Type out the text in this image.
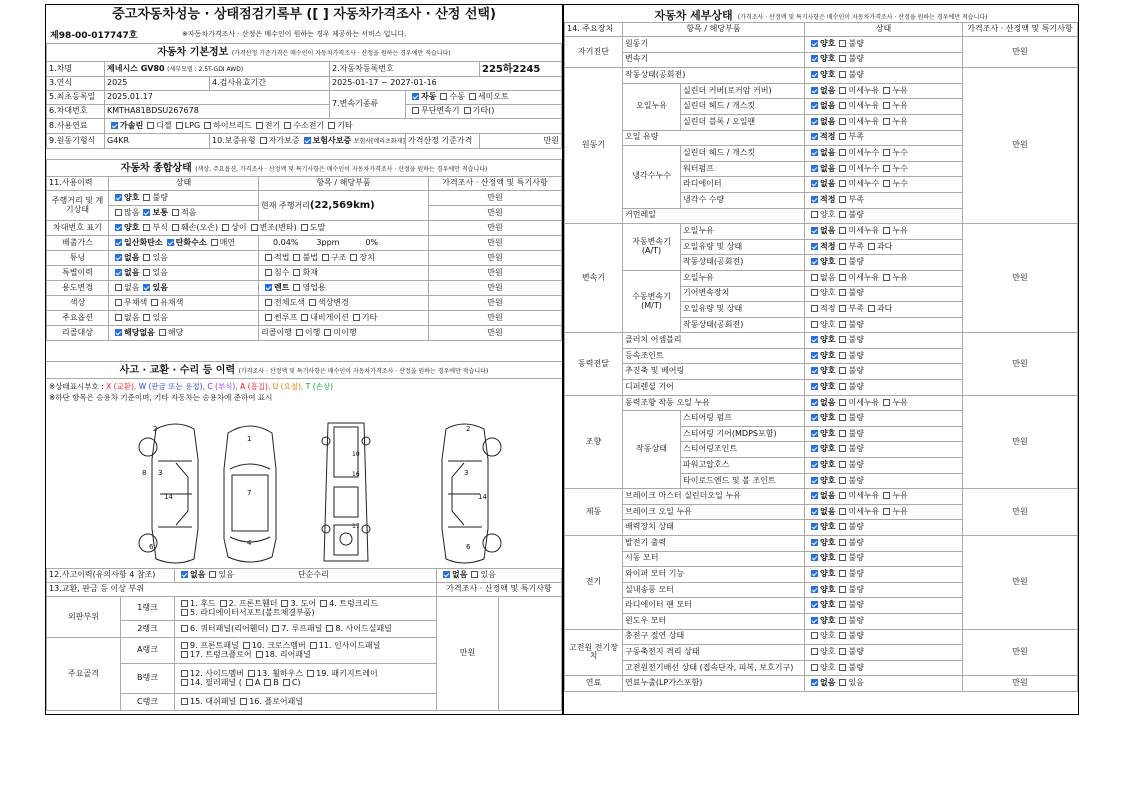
중고자동차성능 · 상태점검기록부 ([ ] 자동차가격조사 · 산정 선택)
제98-00-017747호	※자동차가격조사 · 산정은 매수인이 원하는 경우 제공하는 서비스 입니다.
자동차 기본정보 (가격산정 기준가격은 매수인이 자동차가격조사 · 산정을 원하는 경우에만 적습니다)					
1.차명	제네시스 GV80 (세부모델 : 2.5T-GDI AWD)		2.자동차등록번호		225하2245
3.연식	2025	4.검사유효기간	2025-01-17 ~ 2027-01-16		
5.최초등록일	2025.01.17		7.변속기종류	자동 수동 세미오토	
6.차대번호	KMTHA81BDSU267678			무단변속기 기타()	
8.사용연료	가솔린 디젤 LPG 하이브리드 전기 수소전기 기타				
9.원동기형식	G4KR	10.보증유형 자가보증 보험사보증 보험사[메리츠화재]		가격산정 기준가격	만원
자동차 종합상태 (색상, 주요옵션, 가격조사 · 산정액 및 특기사항은 매수인이 자동차가격조사 · 산정을 원하는 경우에만 적습니다)			
11.사용이력	상태	항목 / 해당부품	가격조사 · 산정액 및 특기사항
주행거리 및 계기상태	양호 불량	현재 주행거리(22,569km)	만원
	많음 보통 적음		만원
차대번호 표기	양호 부식 훼손(오손) 상이 변조(변타) 도말		만원
배출가스	일산화탄소 탄화수소 매연	0.04% 3ppm 0%	만원
튜닝	없음 있음	적법 불법 구조 장치	만원
특별이력	없음 있음	침수 화재	만원
용도변경	없음 있음	렌트 영업용	만원
색상	무채색 유채색	전체도색 색상변경	만원
주요옵션	없음 있음	썬루프 내비게이션 기타	만원
리콜대상	해당없음 해당	리콜이행 이행 미이행	만원
사고 · 교환 · 수리 등 이력 (가격조사 · 산정액 및 특기사항은 매수인이 자동차가격조사 · 산정을 원하는 경우에만 적습니다)
※상태표시부호 : X (교환), W (판금 또는 용접), C (부식), A (흠집), U (요철), T (손상)
※하단 항목은 승용차 기준이며, 기타 자동차는 승용차에 준하여 표시
2
8 3
14
6
1
7
4
10
16
17
2
3
14
6
12.사고이력(유의사항 4 참조)		없음 있음 단순수리	없음 있음	
13.교환, 판금 등 이상 부위			가격조사 · 산정액 및 특기사항	
외판부위	1랭크	1. 후드 2. 프론트휀더 3. 도어 4. 트렁크리드
5. 라디에이터서포트(볼트체결부품)	만원	
	2랭크	6. 쿼터패널(리어휀더) 7. 루프패널 8. 사이드실패널		
주요골격	A랭크	9. 프론트패널 10. 크로스멤버 11. 인사이드패널
17. 트렁크플로어 18. 리어패널		
	B랭크	12. 사이드멤버 13. 휠하우스 19. 패키지트레이
14. 필러패널 ( A B C)		
	C랭크	15. 대쉬패널 16. 플로어패널		
자동차 세부상태 (가격조사 · 산정액 및 특기사항은 매수인이 자동차가격조사 · 산정을 원하는 경우에만 적습니다)
14. 주요장치	항목 / 해당부품		상태	가격조사 · 산정액 및 특기사항
자기진단	원동기		양호 불량	만원
	변속기		양호 불량	
원동기	작동상태(공회전)		양호 불량	만원
	오일누유	실린더 커버(로커암 커버)	없음 미세누유 누유	
		실린더 헤드 / 개스킷	없음 미세누유 누유	
		실린더 블록 / 오일팬	없음 미세누유 누유	
	오일 유량		적정 부족	
	냉각수누수	실린더 헤드 / 개스킷	없음 미세누수 누수	
		워터펌프	없음 미세누수 누수	
		라디에이터	없음 미세누수 누수	
		냉각수 수량	적정 부족	
	커먼레일		양호 불량	
변속기	자동변속기 (A/T)	오일누유	없음 미세누유 누유	만원
		오일유량 및 상태	적정 부족 과다	
		작동상태(공회전)	양호 불량	
	수동변속기 (M/T)	오일누유	없음 미세누유 누유	
		기어변속장치	양호 불량	
		오일유량 및 상태	적정 부족 과다	
		작동상태(공회전)	양호 불량	
동력전달	클러치 어셈블리		양호 불량	만원
	등속조인트		양호 불량	
	추진축 및 베어링		양호 불량	
	디퍼렌셜 기어		양호 불량	
조향	동력조향 작동 오일 누유		없음 미세누유 누유	만원
	작동상태	스티어링 펌프	양호 불량	
		스티어링 기어(MDPS포함)	양호 불량	
		스티어링조인트	양호 불량	
		파워고압호스	양호 불량	
		타이로드엔드 및 볼 조인트	양호 불량	
제동	브레이크 마스터 실린더오일 누유		없음 미세누유 누유	만원
	브레이크 오일 누유		없음 미세누유 누유	
	배력장치 상태		양호 불량	
전기	발전기 출력		양호 불량	만원
	시동 모터		양호 불량	
	와이퍼 모터 기능		양호 불량	
	실내송풍 모터		양호 불량	
	라디에이터 팬 모터		양호 불량	
	윈도우 모터		양호 불량	
고전원 전기장치	충전구 절연 상태		양호 불량	만원
	구동축전지 격리 상태		양호 불량	
	고전원전기배선 상태 (접속단자, 피복, 보호기구)		양호 불량	
연료	연료누출(LP가스포함)		없음 있음	만원
